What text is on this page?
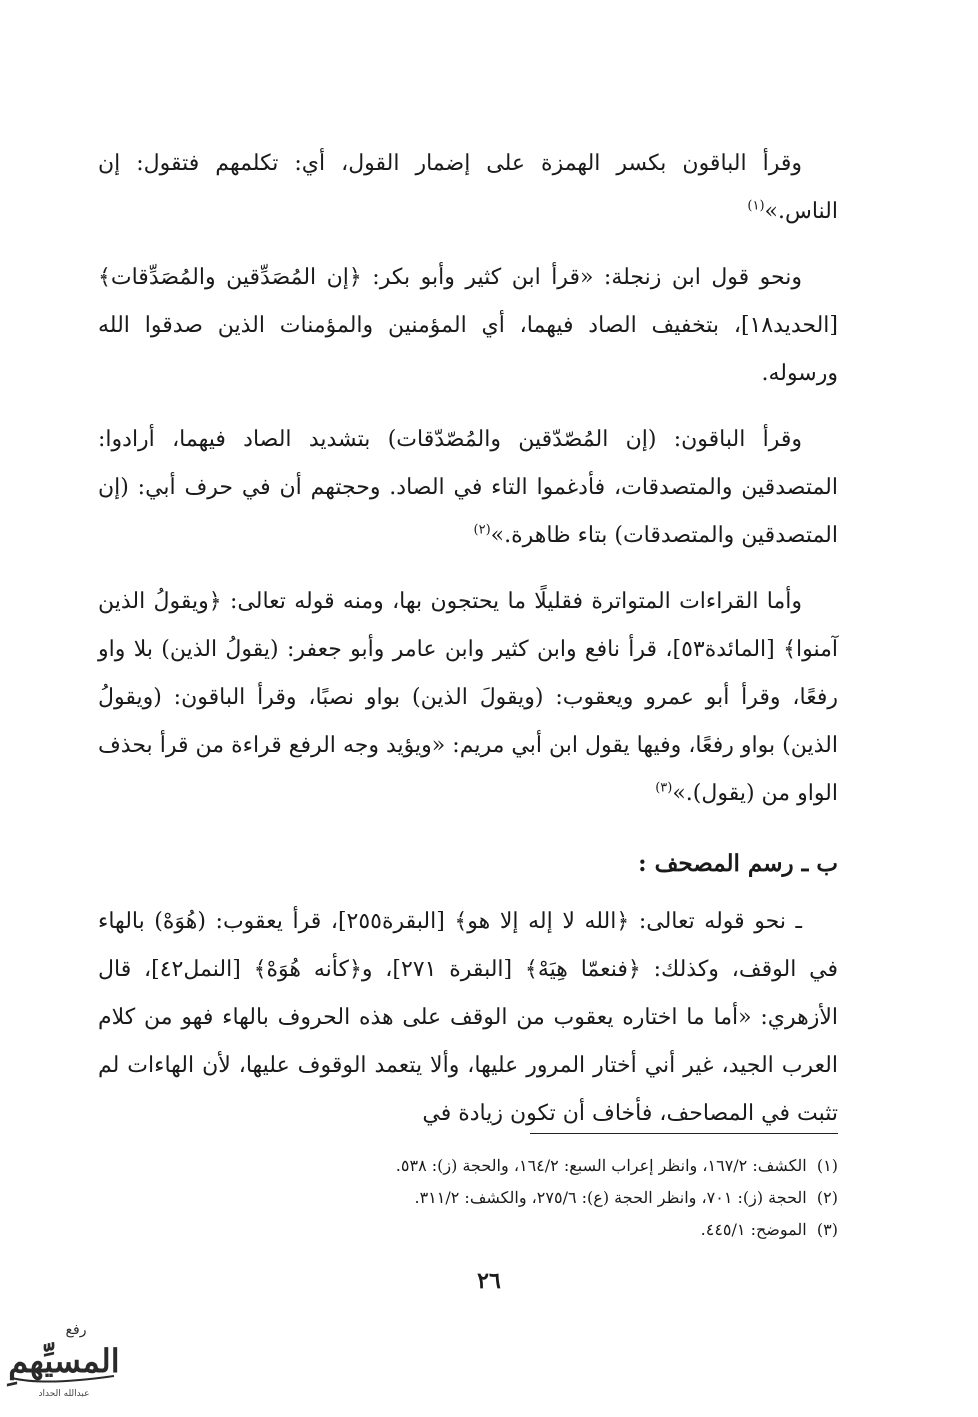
وقرأ الباقون بكسر الهمزة على إضمار القول، أي: تكلمهم فتقول: إن الناس.»$^{(١)}$

ونحو قول ابن زنجلة: «قرأ ابن كثير وأبو بكر: ﴿إن المُصَدِّقين والمُصَدِّقات﴾ [الحديد١٨]، بتخفيف الصاد فيهما، أي المؤمنين والمؤمنات الذين صدقوا الله ورسوله.

وقرأ الباقون: (إن المُصّدّقين والمُصّدّقات) بتشديد الصاد فيهما، أرادوا: المتصدقين والمتصدقات، فأدغموا التاء في الصاد. وحجتهم أن في حرف أبي: (إن المتصدقين والمتصدقات) بتاء ظاهرة.»$^{(٢)}$

وأما القراءات المتواترة فقليلًا ما يحتجون بها، ومنه قوله تعالى: ﴿ويقولُ الذين آمنوا﴾ [المائدة٥٣]، قرأ نافع وابن كثير وابن عامر وأبو جعفر: (يقولُ الذين) بلا واو رفعًا، وقرأ أبو عمرو ويعقوب: (ويقولَ الذين) بواو نصبًا، وقرأ الباقون: (ويقولُ الذين) بواو رفعًا، وفيها يقول ابن أبي مريم: «ويؤيد وجه الرفع قراءة من قرأ بحذف الواو من (يقول).»$^{(٣)}$

ب ـ رسم المصحف :

ـ نحو قوله تعالى: ﴿الله لا إله إلا هو﴾ [البقرة٢٥٥]، قرأ يعقوب: (هُوَهْ) بالهاء في الوقف، وكذلك: ﴿فنعمّا هِيَهْ﴾ [البقرة ٢٧١]، و﴿كأنه هُوَهْ﴾ [النمل٤٢]، قال الأزهري: «أما ما اختاره يعقوب من الوقف على هذه الحروف بالهاء فهو من كلام العرب الجيد، غير أني أختار المرور عليها، وألا يتعمد الوقوف عليها، لأن الهاءات لم تثبت في المصاحف، فأخاف أن تكون زيادة في

(١)  الكشف: ١٦٧/٢، وانظر إعراب السبع: ١٦٤/٢، والحجة (ز): ٥٣٨.

(٢)  الحجة (ز): ٧٠١، وانظر الحجة (ع): ٢٧٥/٦، والكشف: ٣١١/٢.

(٣)  الموضح: ٤٤٥/١.

٢٦
رفع
المسيِّهمِ
عبدالله الحداد
